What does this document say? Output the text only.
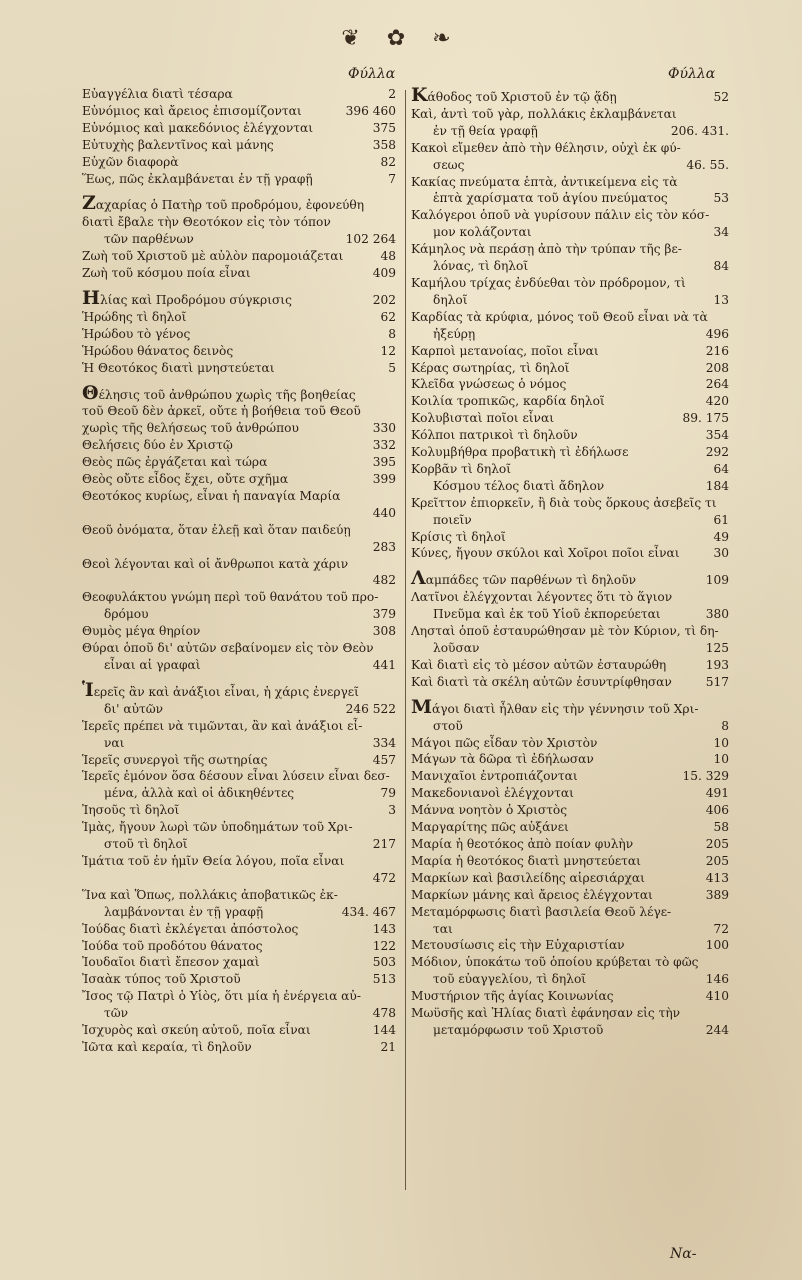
❦ ✿ ❧
Φύλλα	Φύλλα
Εὐαγγέλια διατὶ τέσαρα	2
Εὐνόμιος καὶ ἄρειος ἐπισομίζονται	396 460
Εὐνόμιος καὶ μακεδόνιος ἐλέγχονται	375
Εὐτυχὴς βαλεντῖνος καὶ μάνης	358
Εὐχῶν διαφορὰ	82
Ἕως, πῶς ἐκλαμβάνεται ἐν τῇ γραφῇ	7
Ζαχαρίας ὁ Πατὴρ τοῦ προδρόμου, ἐφονεύθη
διατὶ ἔβαλε τὴν Θεοτόκον εἰς τὸν τόπον
τῶν παρθένων	102 264
Ζωὴ τοῦ Χριστοῦ μὲ αὐλὸν παρομοιάζεται	48
Ζωὴ τοῦ κόσμου ποία εἶναι	409
Ηλίας καὶ Προδρόμου σύγκρισις	202
Ἡρώδης τὶ δηλοῖ	62
Ἡρώδου τὸ γένος	8
Ἡρώδου θάνατος δεινὸς	12
Ἡ Θεοτόκος διατὶ μνηστεύεται	5
Θέλησις τοῦ ἀνθρώπου χωρὶς τῆς βοηθείας
τοῦ Θεοῦ δὲν ἀρκεῖ, οὔτε ἡ βοήθεια τοῦ Θεοῦ
χωρὶς τῆς θελήσεως τοῦ ἀνθρώπου	330
Θελήσεις δύο ἐν Χριστῷ	332
Θεὸς πῶς ἐργάζεται καὶ τώρα	395
Θεὸς οὔτε εἶδος ἔχει, οὔτε σχῆμα	399
Θεοτόκος κυρίως, εἶναι ἡ παναγία Μαρία
440
Θεοῦ ὀνόματα, ὅταν ἐλεῇ καὶ ὅταν παιδεύῃ
283
Θεοὶ λέγονται καὶ οἱ ἄνθρωποι κατὰ χάριν
482
Θεοφυλάκτου γνώμη περὶ τοῦ θανάτου τοῦ προ-
δρόμου	379
Θυμὸς μέγα θηρίον	308
Θύραι ὁποῦ δι' αὐτῶν σεβαίνομεν εἰς τὸν Θεὸν
εἶναι αἱ γραφαὶ	441
Ἱερεῖς ἂν καὶ ἀνάξιοι εἶναι, ἡ χάρις ἐνεργεῖ
δι' αὐτῶν	246 522
Ἱερεῖς πρέπει νὰ τιμῶνται, ἂν καὶ ἀνάξιοι εἶ-
ναι	334
Ἱερεῖς συνεργοὶ τῆς σωτηρίας	457
Ἱερεῖς ἐμόνον ὅσα δέσουν εἶναι λύσειν εἶναι δεσ-
μένα, ἀλλὰ καὶ οἱ ἀδικηθέντες	79
Ἰησοῦς τὶ δηλοῖ	3
Ἱμὰς, ἤγουν λωρὶ τῶν ὑποδημάτων τοῦ Χρι-
στοῦ τὶ δηλοῖ	217
Ἱμάτια τοῦ ἐν ἡμῖν Θεία λόγου, ποῖα εἶναι
472
Ἵνα καὶ Ὅπως, πολλάκις ἀποβατικῶς ἐκ-
λαμβάνονται ἐν τῇ γραφῇ	434. 467
Ἰούδας διατὶ ἐκλέγεται ἀπόστολος	143
Ἰούδα τοῦ προδότου θάνατος	122
Ἰουδαῖοι διατὶ ἔπεσον χαμαὶ	503
Ἰσαὰκ τύπος τοῦ Χριστοῦ	513
Ἴσος τῷ Πατρὶ ὁ Υἱὸς, ὅτι μία ἡ ἐνέργεια αὐ-
τῶν	478
Ἰσχυρὸς καὶ σκεύη αὐτοῦ, ποῖα εἶναι	144
Ἰῶτα καὶ κεραία, τὶ δηλοῦν	21
Κάθοδος τοῦ Χριστοῦ ἐν τῷ ᾅδῃ	52
Καὶ, ἀντὶ τοῦ γὰρ, πολλάκις ἐκλαμβάνεται
ἐν τῇ θεία γραφῇ	206. 431.
Κακοὶ εἴμεθεν ἀπὸ τὴν θέλησιν, οὐχὶ ἐκ φύ-
σεως	46. 55.
Κακίας πνεύματα ἑπτὰ, ἀντικείμενα εἰς τὰ
ἑπτὰ χαρίσματα τοῦ ἁγίου πνεύματος	53
Καλόγεροι ὁποῦ νὰ γυρίσουν πάλιν εἰς τὸν κόσ-
μον κολάζονται	34
Κάμηλος νὰ περάσῃ ἀπὸ τὴν τρύπαν τῆς βε-
λόνας, τὶ δηλοῖ	84
Καμήλου τρίχας ἐνδύεθαι τὸν πρόδρομον, τὶ
δηλοῖ	13
Καρδίας τὰ κρύφια, μόνος τοῦ Θεοῦ εἶναι νὰ τὰ
ἠξεύρῃ	496
Καρποὶ μετανοίας, ποῖοι εἶναι	216
Κέρας σωτηρίας, τὶ δηλοῖ	208
Κλεῖδα γνώσεως ὁ νόμος	264
Κοιλία τροπικῶς, καρδία δηλοῖ	420
Κολυβισταὶ ποῖοι εἶναι	89. 175
Κόλποι πατρικοὶ τὶ δηλοῦν	354
Κολυμβήθρα προβατικὴ τὶ ἐδήλωσε	292
Κορβᾶν τὶ δηλοῖ	64
Κόσμου τέλος διατὶ ἄδηλον	184
Κρεῖττον ἐπιορκεῖν, ἢ διὰ τοὺς ὅρκους ἀσεβεῖς τι
ποιεῖν	61
Κρίσις τὶ δηλοῖ	49
Κύνες, ἤγουν σκύλοι καὶ Χοῖροι ποῖοι εἶναι	30
Λαμπάδες τῶν παρθένων τὶ δηλοῦν	109
Λατῖνοι ἐλέγχονται λέγοντες ὅτι τὸ ἅγιον
Πνεῦμα καὶ ἐκ τοῦ Υἱοῦ ἐκπορεύεται	380
Λησταὶ ὁποῦ ἐσταυρώθησαν μὲ τὸν Κύριον, τὶ δη-
λοῦσαν	125
Καὶ διατὶ εἰς τὸ μέσον αὐτῶν ἐσταυρώθη	193
Καὶ διατὶ τὰ σκέλη αὐτῶν ἐσυντρίφθησαν	517
Μάγοι διατὶ ἦλθαν εἰς τὴν γέννησιν τοῦ Χρι-
στοῦ	8
Μάγοι πῶς εἶδαν τὸν Χριστὸν	10
Μάγων τὰ δῶρα τὶ ἐδήλωσαν	10
Μανιχαῖοι ἐντροπιάζονται	15. 329
Μακεδονιανοὶ ἐλέγχονται	491
Μάννα νοητὸν ὁ Χριστὸς	406
Μαργαρίτης πῶς αὐξάνει	58
Μαρία ἡ θεοτόκος ἀπὸ ποίαν φυλὴν	205
Μαρία ἡ θεοτόκος διατὶ μνηστεύεται	205
Μαρκίων καὶ βασιλείδης αἱρεσιάρχαι	413
Μαρκίων μάνης καὶ ἄρειος ἐλέγχονται	389
Μεταμόρφωσις διατὶ βασιλεία Θεοῦ λέγε-
ται	72
Μετουσίωσις εἰς τὴν Εὐχαριστίαν	100
Μόδιον, ὑποκάτω τοῦ ὁποίου κρύβεται τὸ φῶς
τοῦ εὐαγγελίου, τὶ δηλοῖ	146
Μυστήριον τῆς ἁγίας Κοινωνίας	410
Μωϋσῆς καὶ Ἠλίας διατὶ ἐφάνησαν εἰς τὴν
μεταμόρφωσιν τοῦ Χριστοῦ	244
Να-
